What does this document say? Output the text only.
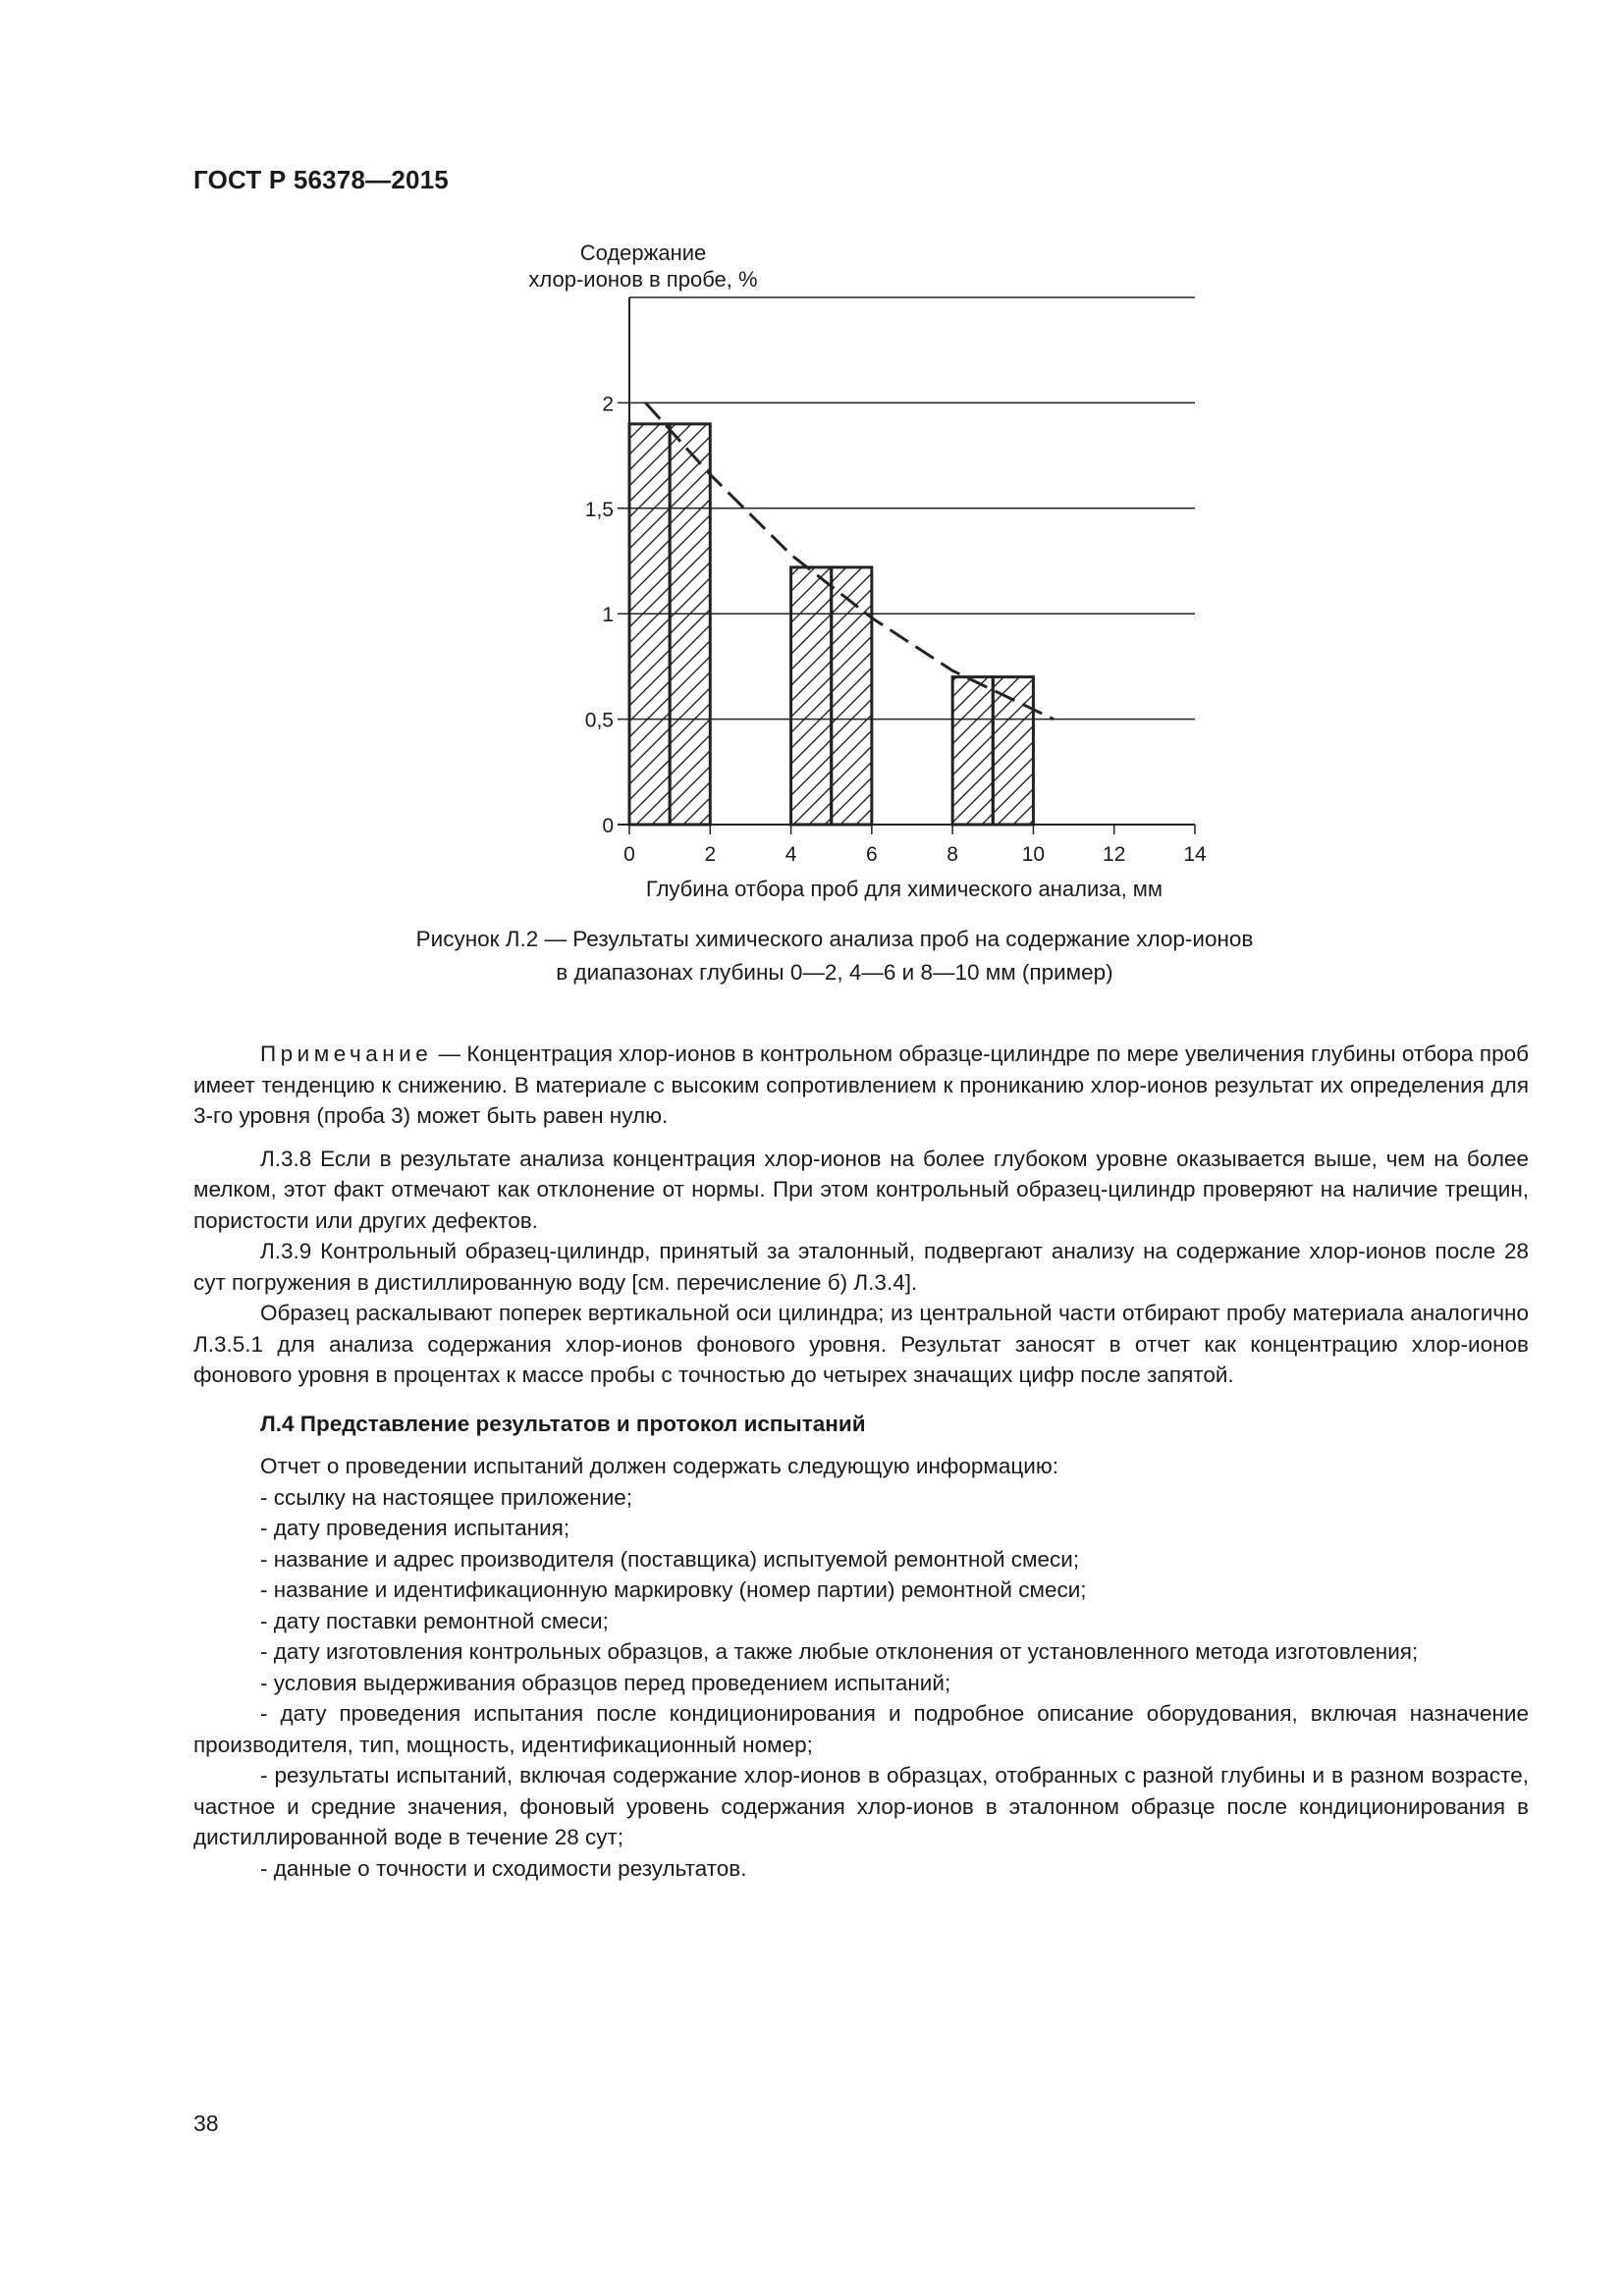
ГОСТ Р 56378—2015
Содержание
хлор-ионов в пробе, %
Глубина отбора проб для химического анализа, мм
0
0,5
1
1,5
2
0	2	4	6	8	10	12	14
Рисунок Л.2 — Результаты химического анализа проб на содержание хлор-ионов
в диапазонах глубины 0—2, 4—6 и 8—10 мм (пример)

Примечание — Концентрация хлор-ионов в контрольном образце-цилиндре по мере увеличения глубины отбора проб имеет тенденцию к снижению. В материале с высоким сопротивлением к прониканию хлор-ионов результат их определения для 3-го уровня (проба 3) может быть равен нулю.

Л.3.8 Если в результате анализа концентрация хлор-ионов на более глубоком уровне оказывается выше, чем на более мелком, этот факт отмечают как отклонение от нормы. При этом контрольный образец-цилиндр проверяют на наличие трещин, пористости или других дефектов.

Л.3.9 Контрольный образец-цилиндр, принятый за эталонный, подвергают анализу на содержание хлор-ионов после 28 сут погружения в дистиллированную воду [см. перечисление б) Л.3.4].

Образец раскалывают поперек вертикальной оси цилиндра; из центральной части отбирают пробу материала аналогично Л.3.5.1 для анализа содержания хлор-ионов фонового уровня. Результат заносят в отчет как концентрацию хлор-ионов фонового уровня в процентах к массе пробы с точностью до четырех значащих цифр после запятой.

Л.4 Представление результатов и протокол испытаний

Отчет о проведении испытаний должен содержать следующую информацию:

- ссылку на настоящее приложение;

- дату проведения испытания;

- название и адрес производителя (поставщика) испытуемой ремонтной смеси;

- название и идентификационную маркировку (номер партии) ремонтной смеси;

- дату поставки ремонтной смеси;

- дату изготовления контрольных образцов, а также любые отклонения от установленного метода изготовления;

- условия выдерживания образцов перед проведением испытаний;

- дату проведения испытания после кондиционирования и подробное описание оборудования, включая назначение производителя, тип, мощность, идентификационный номер;

- результаты испытаний, включая содержание хлор-ионов в образцах, отобранных с разной глубины и в разном возрасте, частное и средние значения, фоновый уровень содержания хлор-ионов в эталонном образце после кондиционирования в дистиллированной воде в течение 28 сут;

- данные о точности и сходимости результатов.

38
